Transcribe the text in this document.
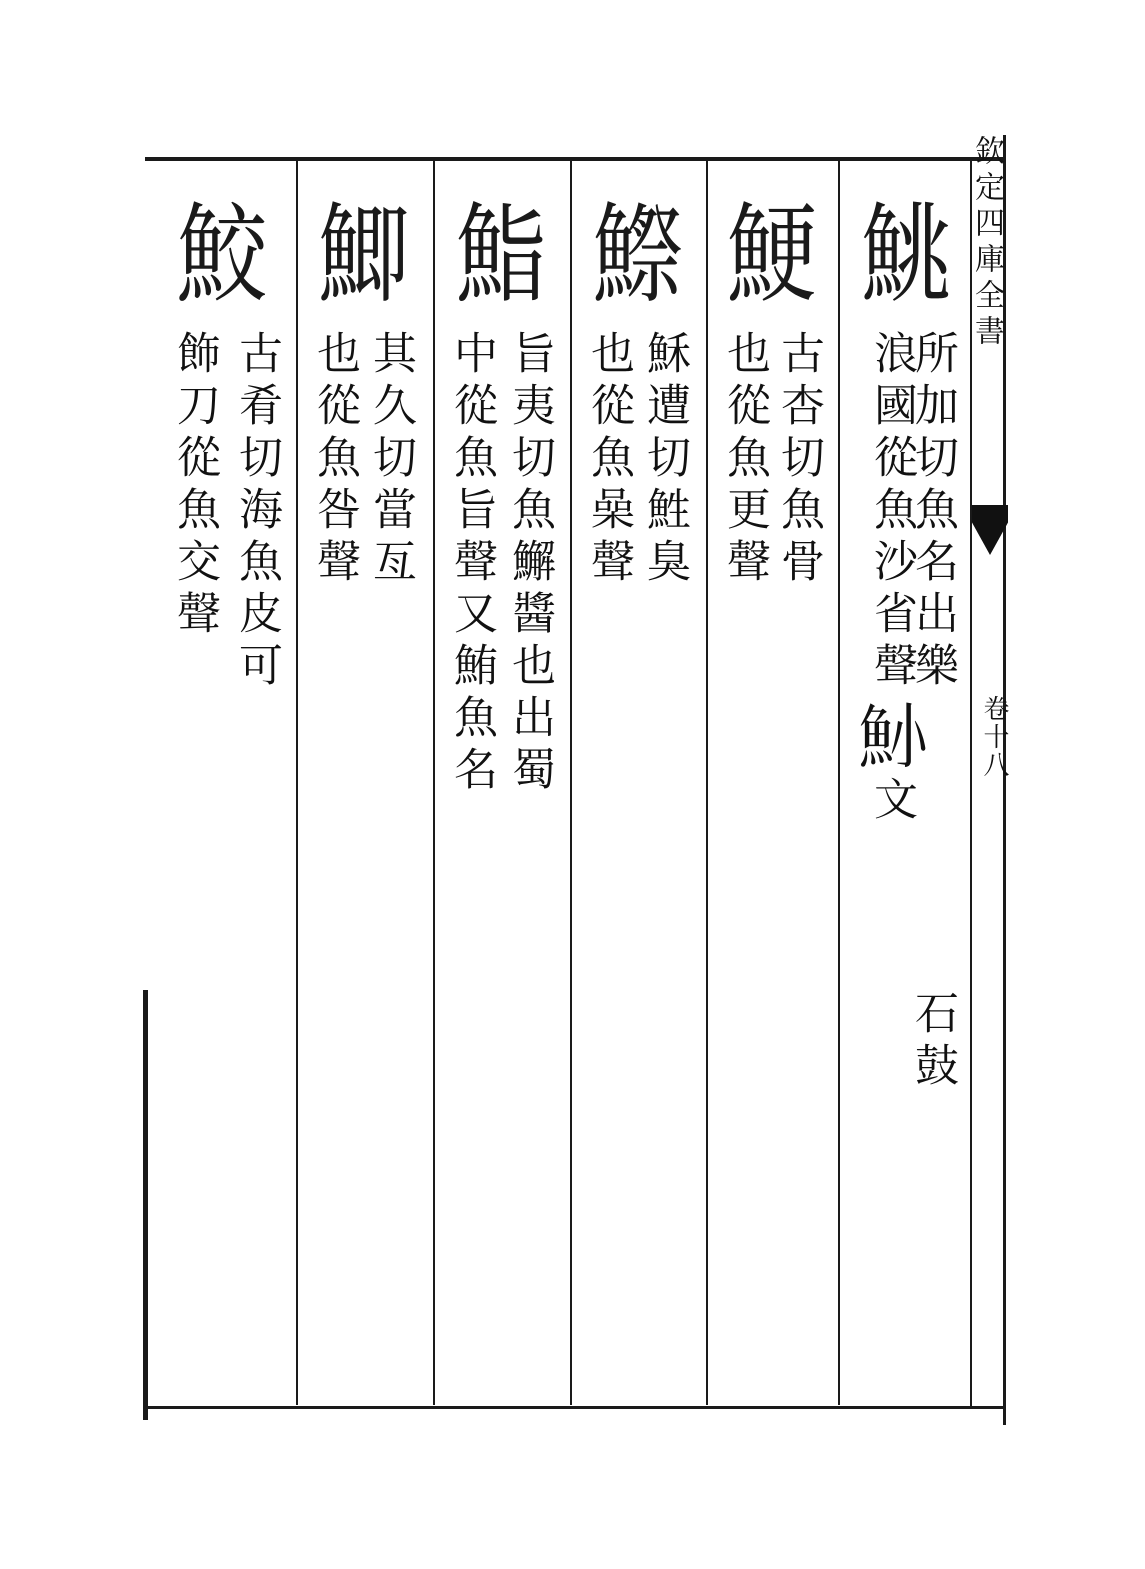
欽定四庫全書
卷十八
鮡
所加切魚名出樂
浪國從魚沙省聲𩵖文
石鼓
鯁
古杏切魚骨
也從魚更聲
鰶
穌遭切鮏臭
也從魚喿聲
鮨
旨夷切魚䲒醬也出蜀
中從魚旨聲又鮪魚名
鯽
其久切當亙
也從魚咎聲
鮫
古肴切海魚皮可
飾刀從魚交聲
